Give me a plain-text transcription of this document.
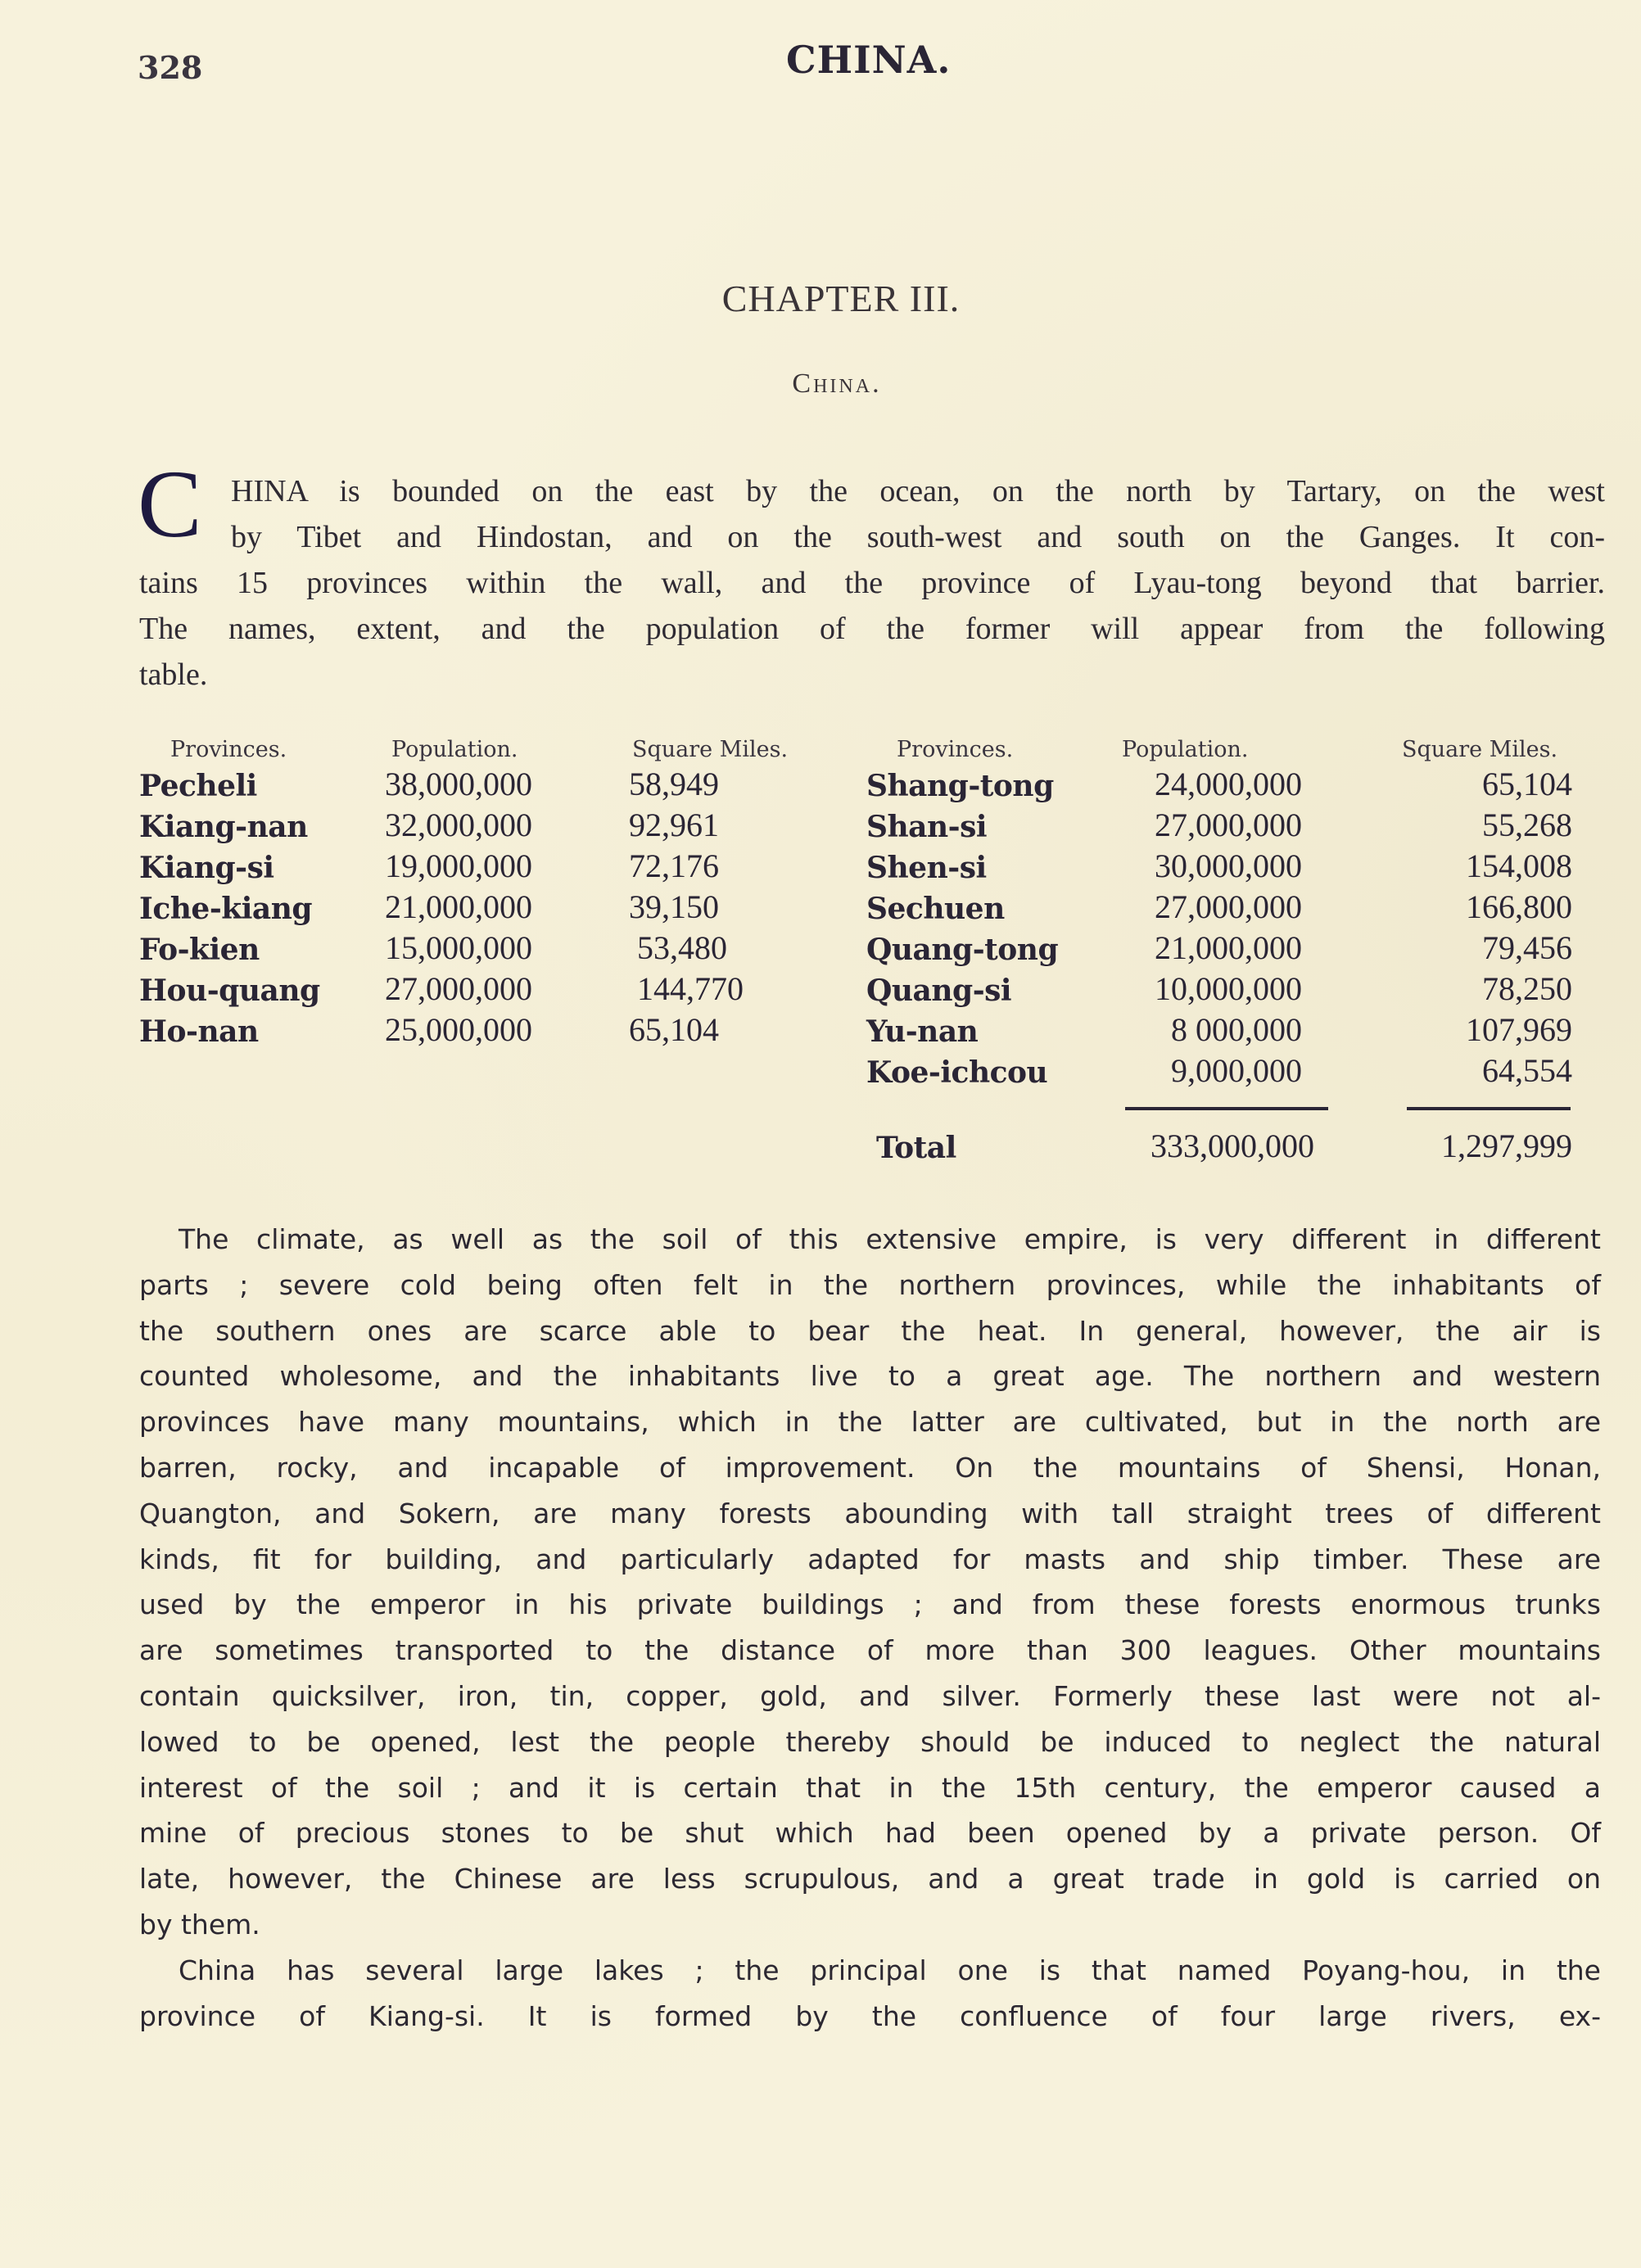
328	CHINA.
CHAPTER III.
China.
C HINA is bounded on the east by the ocean, on the north by Tartary, on the west
by Tibet and Hindostan, and on the south-west and south on the Ganges. It con-
tains 15 provinces within the wall, and the province of Lyau-tong beyond that barrier.
The names, extent, and the population of the former will appear from the following
table.
Provinces.	Population.	Square Miles.	Provinces.	Population.	Square Miles.
Pecheli	38,000,000	58,949
Kiang-nan 32,000,000	92,961
Kiang-si	19,000,000	72,176
Iche-kiang 21,000,000	39,150
Fo-kien	15,000,000	53,480
Hou-quang 27,000,000	144,770
Ho-nan	25,000,000	65,104
Shang-tong	24,000,000	65,104
Shan-si	27,000,000	55,268
Shen-si	30,000,000	154,008
Sechuen	27,000,000	166,800
Quang-tong	21,000,000	79,456
Quang-si	10,000,000	78,250
Yu-nan	8 000,000	107,969
Koe-ichcou	9,000,000	64,554
Total	333,000,000	1,297,999
The climate, as well as the soil of this extensive empire, is very different in different
parts ; severe cold being often felt in the northern provinces, while the inhabitants of
the southern ones are scarce able to bear the heat. In general, however, the air is
counted wholesome, and the inhabitants live to a great age. The northern and western
provinces have many mountains, which in the latter are cultivated, but in the north are
barren, rocky, and incapable of improvement. On the mountains of Shensi, Honan,
Quangton, and Sokern, are many forests abounding with tall straight trees of different
kinds, fit for building, and particularly adapted for masts and ship timber. These are
used by the emperor in his private buildings ; and from these forests enormous trunks
are sometimes transported to the distance of more than 300 leagues. Other mountains
contain quicksilver, iron, tin, copper, gold, and silver. Formerly these last were not al-
lowed to be opened, lest the people thereby should be induced to neglect the natural
interest of the soil ; and it is certain that in the 15th century, the emperor caused a
mine of precious stones to be shut which had been opened by a private person. Of
late, however, the Chinese are less scrupulous, and a great trade in gold is carried on
by them.
China has several large lakes ; the principal one is that named Poyang-hou, in the
province of Kiang-si. It is formed by the confluence of four large rivers, ex-
